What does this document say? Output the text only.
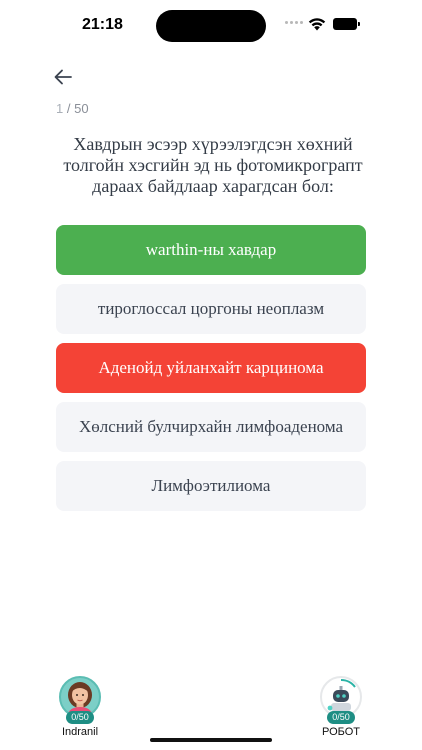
21:18
1 / 50
Хавдрын эсээр хүрээлэгдсэн хөхний толгойн хэсгийн эд нь фотомикрограпт дараах байдлаар харагдсан бол:
warthin-ны хавдар
тироглоссал цоргоны неоплазм
Аденойд уйланхайт карцинома
Хөлсний булчирхайн лимфоаденома
Лимфоэтилиома
0/50
Indranil
0/50
РОБОТ
